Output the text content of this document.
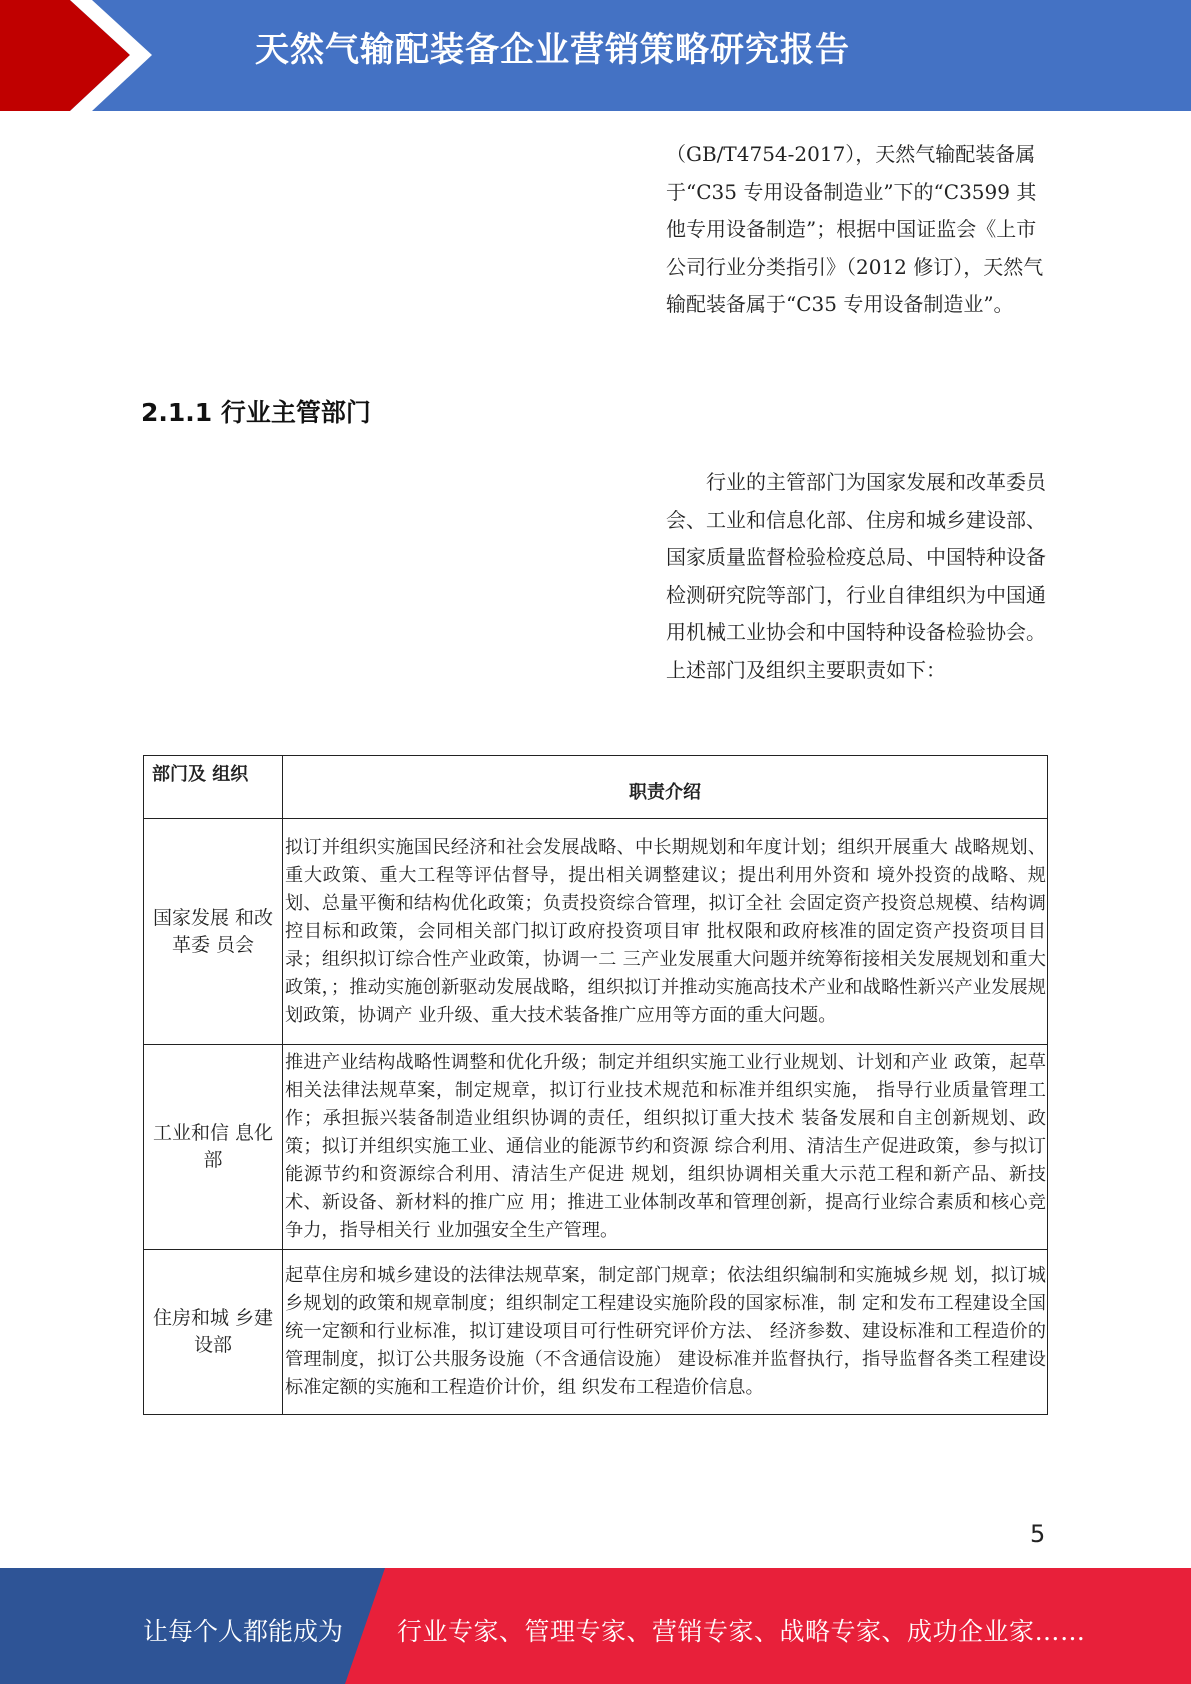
天然气输配装备企业营销策略研究报告
（GB/T4754-2017），天然气输配装备属于“C35 专用设备制造业”下的“C3599 其他专用设备制造”；根据中国证监会《上市公司行业分类指引》（2012 修订），天然气输配装备属于“C35 专用设备制造业”。
2.1.1 行业主管部门
行业的主管部门为国家发展和改革委员会、工业和信息化部、住房和城乡建设部、国家质量监督检验检疫总局、中国特种设备检测研究院等部门，行业自律组织为中国通用机械工业协会和中国特种设备检验协会。上述部门及组织主要职责如下：
部门及 组织	职责介绍
国家发展 和改革委 员会	拟订并组织实施国民经济和社会发展战略、中长期规划和年度计划；组织开展重大 战略规划、重大政策、重大工程等评估督导，提出相关调整建议；提出利用外资和 境外投资的战略、规划、总量平衡和结构优化政策；负责投资综合管理，拟订全社 会固定资产投资总规模、结构调控目标和政策，会同相关部门拟订政府投资项目审 批权限和政府核准的固定资产投资项目目录；组织拟订综合性产业政策，协调一二 三产业发展重大问题并统筹衔接相关发展规划和重大政策，；推动实施创新驱动发展战略，组织拟订并推动实施高技术产业和战略性新兴产业发展规划政策，协调产 业升级、重大技术装备推广应用等方面的重大问题。
工业和信 息化部	推进产业结构战略性调整和优化升级；制定并组织实施工业行业规划、计划和产业 政策，起草相关法律法规草案，制定规章，拟订行业技术规范和标准并组织实施， 指导行业质量管理工作；承担振兴装备制造业组织协调的责任，组织拟订重大技术 装备发展和自主创新规划、政策；拟订并组织实施工业、通信业的能源节约和资源 综合利用、清洁生产促进政策，参与拟订能源节约和资源综合利用、清洁生产促进 规划，组织协调相关重大示范工程和新产品、新技术、新设备、新材料的推广应 用；推进工业体制改革和管理创新，提高行业综合素质和核心竞争力，指导相关行 业加强安全生产管理。
住房和城 乡建设部	起草住房和城乡建设的法律法规草案，制定部门规章；依法组织编制和实施城乡规 划，拟订城乡规划的政策和规章制度；组织制定工程建设实施阶段的国家标准，制 定和发布工程建设全国统一定额和行业标准，拟订建设项目可行性研究评价方法、 经济参数、建设标准和工程造价的管理制度，拟订公共服务设施（不含通信设施） 建设标准并监督执行，指导监督各类工程建设标准定额的实施和工程造价计价，组 织发布工程造价信息。
5
让每个人都能成为 行业专家、管理专家、营销专家、战略专家、成功企业家……
